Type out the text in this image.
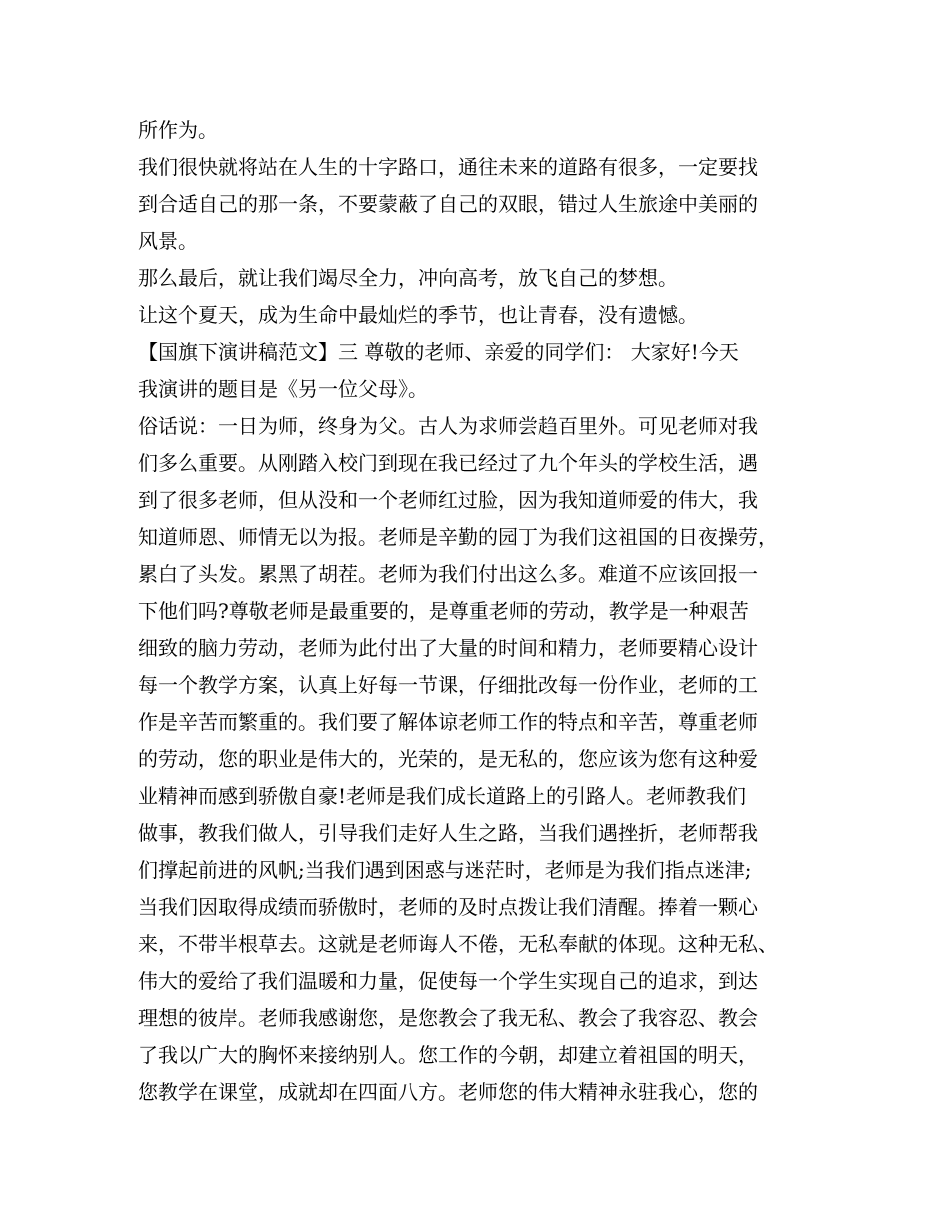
所作为。
我们很快就将站在人生的十字路口，通往未来的道路有很多，一定要找
到合适自己的那一条，不要蒙蔽了自己的双眼，错过人生旅途中美丽的
风景。
那么最后，就让我们竭尽全力，冲向高考，放飞自己的梦想。
让这个夏天，成为生命中最灿烂的季节，也让青春，没有遗憾。
【国旗下演讲稿范文】三 尊敬的老师、亲爱的同学们： 大家好!今天
我演讲的题目是《另一位父母》。
俗话说：一日为师，终身为父。古人为求师尝趋百里外。可见老师对我
们多么重要。从刚踏入校门到现在我已经过了九个年头的学校生活，遇
到了很多老师，但从没和一个老师红过脸，因为我知道师爱的伟大，我
知道师恩、师情无以为报。老师是辛勤的园丁为我们这祖国的日夜操劳，
累白了头发。累黑了胡茬。老师为我们付出这么多。难道不应该回报一
下他们吗?尊敬老师是最重要的，是尊重老师的劳动，教学是一种艰苦
细致的脑力劳动，老师为此付出了大量的时间和精力，老师要精心设计
每一个教学方案，认真上好每一节课，仔细批改每一份作业，老师的工
作是辛苦而繁重的。我们要了解体谅老师工作的特点和辛苦，尊重老师
的劳动，您的职业是伟大的，光荣的，是无私的，您应该为您有这种爱
业精神而感到骄傲自豪!老师是我们成长道路上的引路人。老师教我们
做事，教我们做人，引导我们走好人生之路，当我们遇挫折，老师帮我
们撑起前进的风帆;当我们遇到困惑与迷茫时，老师是为我们指点迷津;
当我们因取得成绩而骄傲时，老师的及时点拨让我们清醒。捧着一颗心
来，不带半根草去。这就是老师诲人不倦，无私奉献的体现。这种无私、
伟大的爱给了我们温暖和力量，促使每一个学生实现自己的追求，到达
理想的彼岸。老师我感谢您，是您教会了我无私、教会了我容忍、教会
了我以广大的胸怀来接纳别人。您工作的今朝，却建立着祖国的明天，
您教学在课堂，成就却在四面八方。老师您的伟大精神永驻我心，您的
